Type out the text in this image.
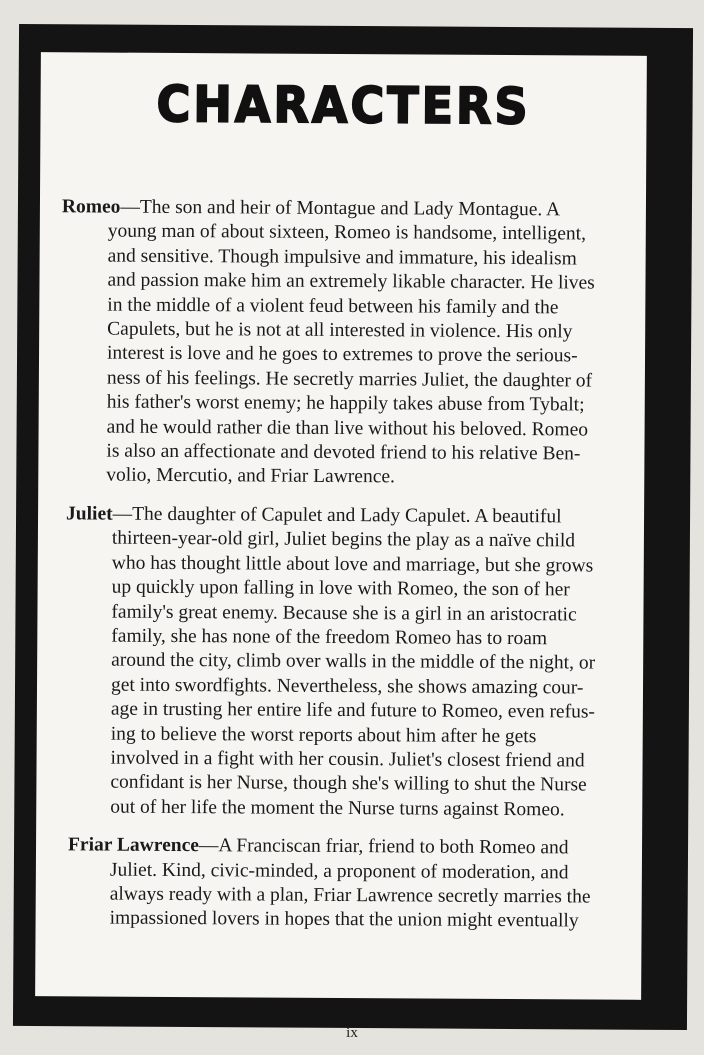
CHARACTERS
Romeo—The son and heir of Montague and Lady Montague. A
young man of about sixteen, Romeo is handsome, intelligent,
and sensitive. Though impulsive and immature, his idealism
and passion make him an extremely likable character. He lives
in the middle of a violent feud between his family and the
Capulets, but he is not at all interested in violence. His only
interest is love and he goes to extremes to prove the serious-
ness of his feelings. He secretly marries Juliet, the daughter of
his father's worst enemy; he happily takes abuse from Tybalt;
and he would rather die than live without his beloved. Romeo
is also an affectionate and devoted friend to his relative Ben-
volio, Mercutio, and Friar Lawrence.
Juliet—The daughter of Capulet and Lady Capulet. A beautiful
thirteen-year-old girl, Juliet begins the play as a naïve child
who has thought little about love and marriage, but she grows
up quickly upon falling in love with Romeo, the son of her
family's great enemy. Because she is a girl in an aristocratic
family, she has none of the freedom Romeo has to roam
around the city, climb over walls in the middle of the night, or
get into swordfights. Nevertheless, she shows amazing cour-
age in trusting her entire life and future to Romeo, even refus-
ing to believe the worst reports about him after he gets
involved in a fight with her cousin. Juliet's closest friend and
confidant is her Nurse, though she's willing to shut the Nurse
out of her life the moment the Nurse turns against Romeo.
Friar Lawrence—A Franciscan friar, friend to both Romeo and
Juliet. Kind, civic-minded, a proponent of moderation, and
always ready with a plan, Friar Lawrence secretly marries the
impassioned lovers in hopes that the union might eventually
ix
